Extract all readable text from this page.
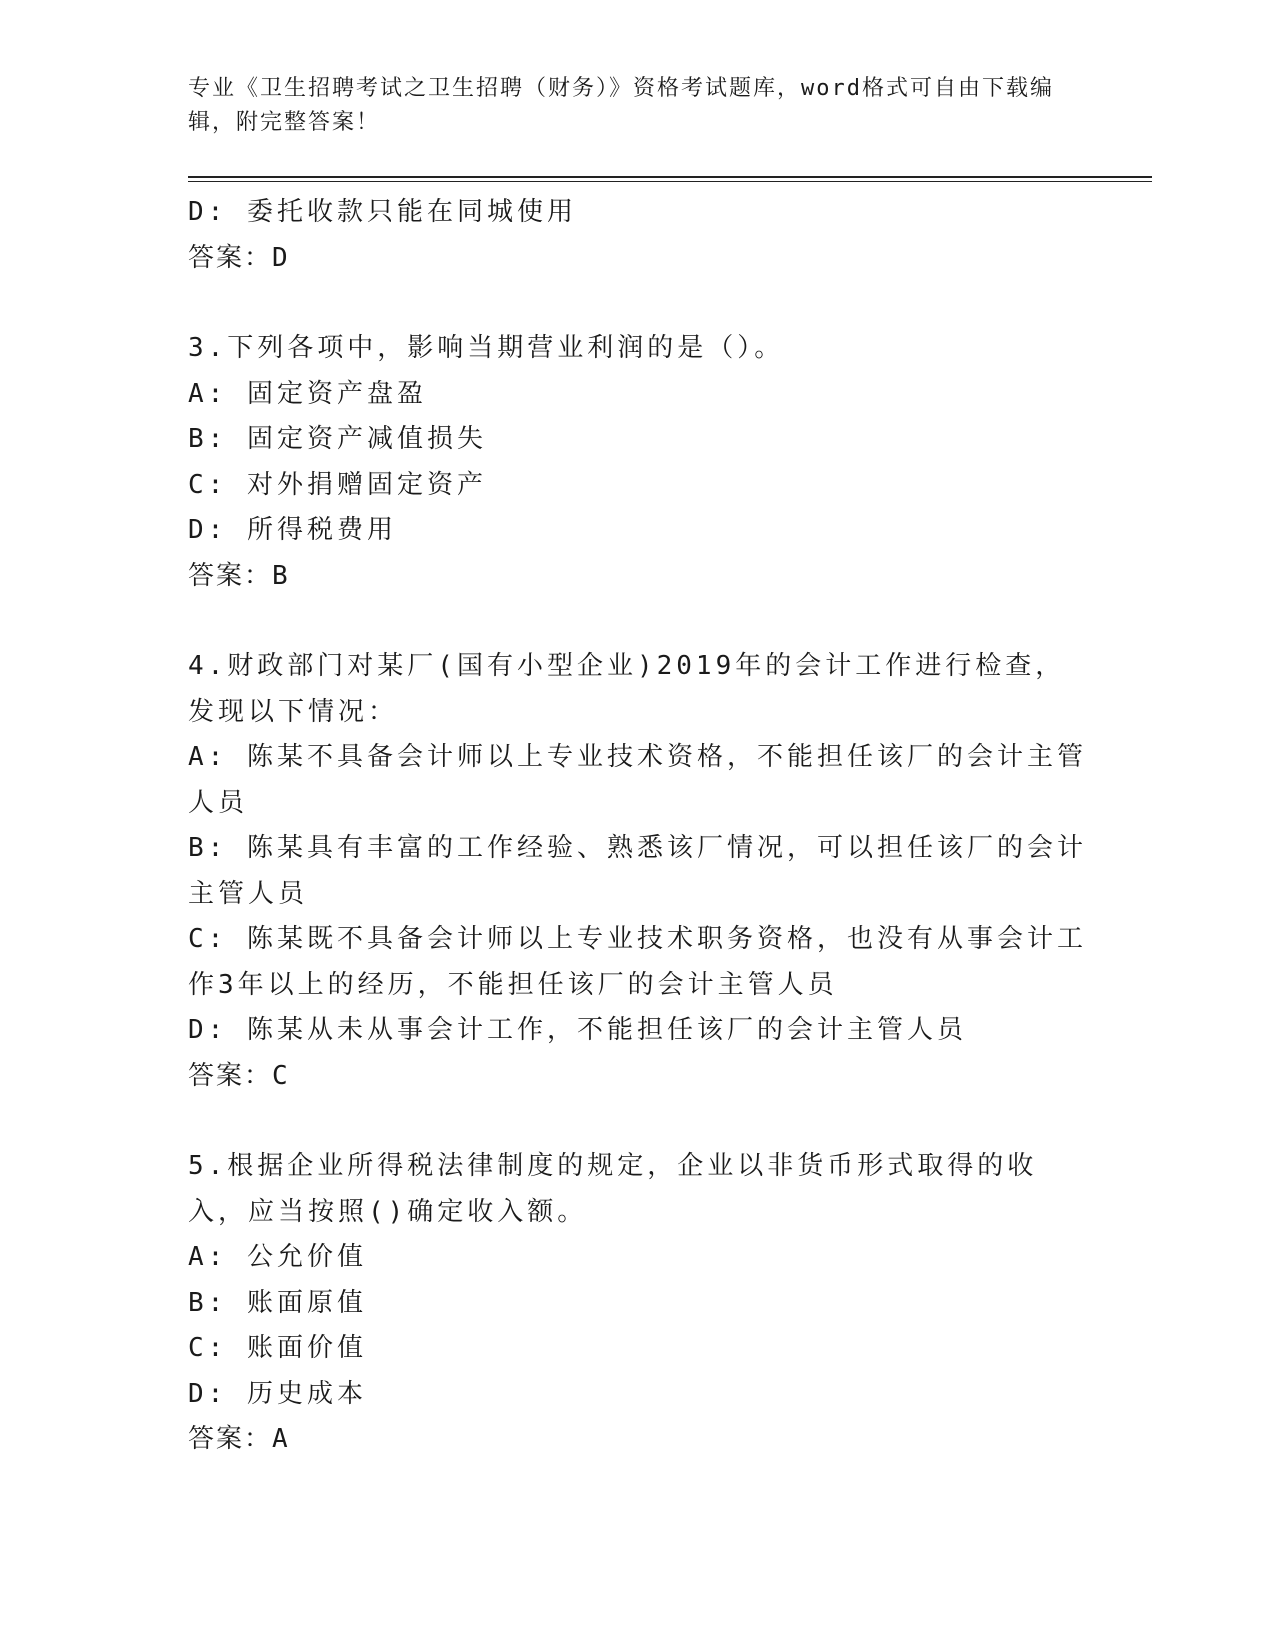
专业《卫生招聘考试之卫生招聘（财务）》资格考试题库，word格式可自由下载编辑，附完整答案！
D: 委托收款只能在同城使用
答案：D
3.下列各项中，影响当期营业利润的是（）。
A: 固定资产盘盈
B: 固定资产减值损失
C: 对外捐赠固定资产
D: 所得税费用
答案：B
4.财政部门对某厂(国有小型企业)2019年的会计工作进行检查，发现以下情况：
A: 陈某不具备会计师以上专业技术资格，不能担任该厂的会计主管人员
B: 陈某具有丰富的工作经验、熟悉该厂情况，可以担任该厂的会计主管人员
C: 陈某既不具备会计师以上专业技术职务资格，也没有从事会计工作3年以上的经历，不能担任该厂的会计主管人员
D: 陈某从未从事会计工作，不能担任该厂的会计主管人员
答案：C
5.根据企业所得税法律制度的规定，企业以非货币形式取得的收入，应当按照()确定收入额。
A: 公允价值
B: 账面原值
C: 账面价值
D: 历史成本
答案：A
